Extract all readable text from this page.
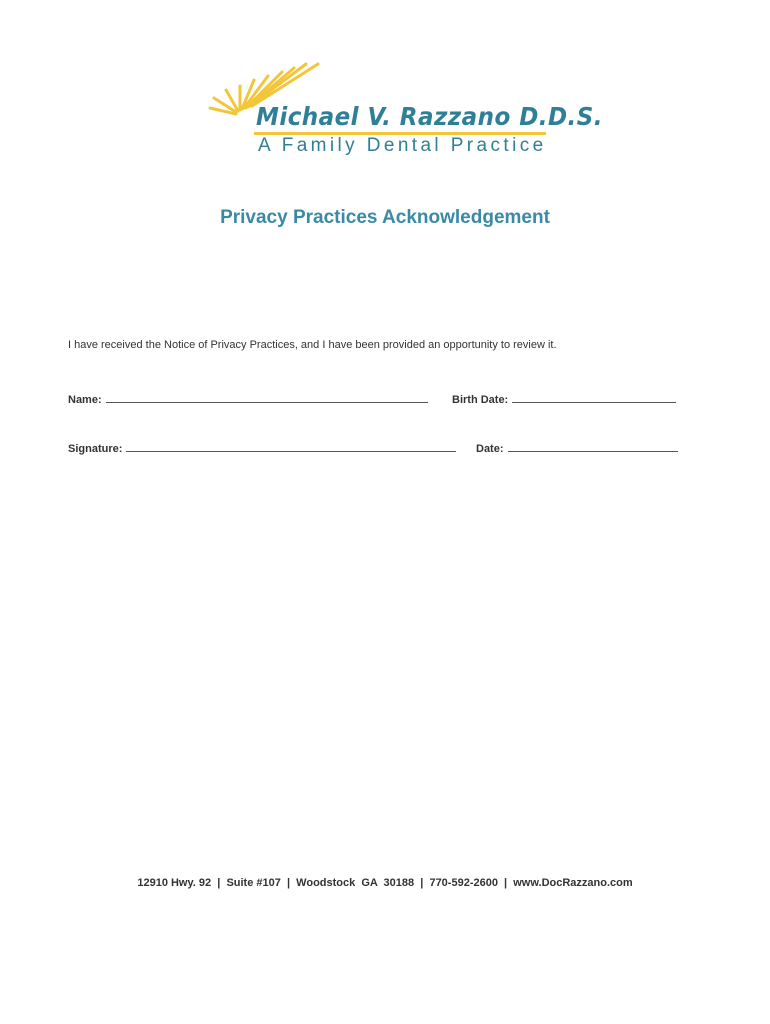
Michael V. Razzano D.D.S.
A Family Dental Practice
Privacy Practices Acknowledgement
I have received the Notice of Privacy Practices, and I have been provided an opportunity to review it.
Name:	Birth Date:
Signature:	Date:
12910 Hwy. 92  |  Suite #107  |  Woodstock  GA  30188  |  770-592-2600  |  www.DocRazzano.com
